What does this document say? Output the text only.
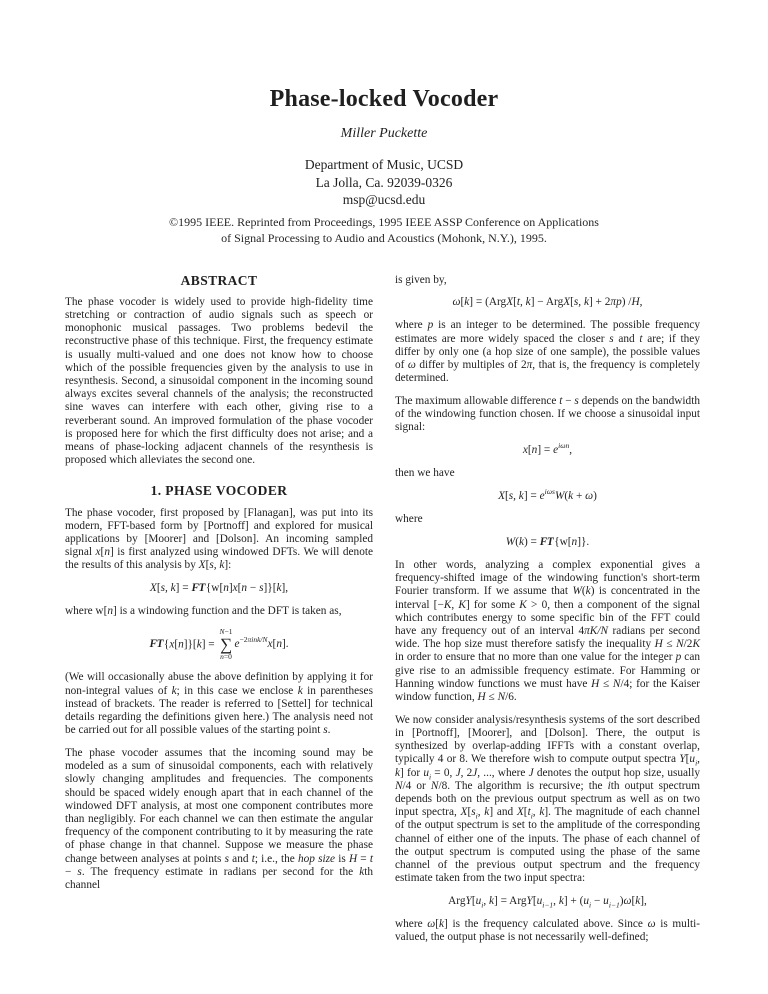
Phase-locked Vocoder
Miller Puckette
Department of Music, UCSD
La Jolla, Ca. 92039-0326
msp@ucsd.edu
©1995 IEEE. Reprinted from Proceedings, 1995 IEEE ASSP Conference on Applications
of Signal Processing to Audio and Acoustics (Mohonk, N.Y.), 1995.
ABSTRACT

The phase vocoder is widely used to provide high-fidelity time stretching or contraction of audio signals such as speech or monophonic musical passages. Two problems bedevil the reconstructive phase of this technique. First, the frequency estimate is usually multi-valued and one does not know how to choose which of the possible frequencies given by the analysis to use in resynthesis. Second, a sinusoidal component in the incoming sound always excites several channels of the analysis; the reconstructed sine waves can interfere with each other, giving rise to a reverberant sound. An improved formulation of the phase vocoder is proposed here for which the first difficulty does not arise; and a means of phase-locking adjacent channels of the resynthesis is proposed which alleviates the second one.

1. PHASE VOCODER

The phase vocoder, first proposed by [Flanagan], was put into its modern, FFT-based form by [Portnoff] and explored for musical applications by [Moorer] and [Dolson]. An incoming sampled signal x[n] is first analyzed using windowed DFTs. We will denote the results of this analysis by X[s, k]:

X[s, k] = FT{w[n]x[n − s]}[k],

where w[n] is a windowing function and the DFT is taken as,

FT{x[n]}[k] =
N−1
∑
n=0
$e^{-2\pi ink/N}x[n]$.

(We will occasionally abuse the above definition by applying it for non-integral values of k; in this case we enclose k in parentheses instead of brackets. The reader is referred to [Settel] for technical details regarding the definitions given here.) The analysis need not be carried out for all possible values of the starting point s.

The phase vocoder assumes that the incoming sound may be modeled as a sum of sinusoidal components, each with relatively slowly changing amplitudes and frequencies. The components should be spaced widely enough apart that in each channel of the windowed DFT analysis, at most one component contributes more than negligibly. For each channel we can then estimate the angular frequency of the component contributing to it by measuring the rate of phase change in that channel. Suppose we measure the phase change between analyses at points s and t; i.e., the hop size is H = t − s. The frequency estimate in radians per second for the kth channel

is given by,

ω[k] = (ArgX[t, k] − ArgX[s, k] + 2πp) /H,

where p is an integer to be determined. The possible frequency estimates are more widely spaced the closer s and t are; if they differ by only one (a hop size of one sample), the possible values of ω differ by multiples of 2π, that is, the frequency is completely determined.

The maximum allowable difference t − s depends on the bandwidth of the windowing function chosen. If we choose a sinusoidal input signal:

$x[n] = e^{i\omega n}$,

then we have

X[s, $k] = e^{i\omega s}W(k + \omega)$

where

W(k) = FT{w[n]}.

In other words, analyzing a complex exponential gives a frequency-shifted image of the windowing function's short-term Fourier transform. If we assume that W(k) is concentrated in the interval [−K, K] for some K > 0, then a component of the signal which contributes energy to some specific bin of the FFT could have any frequency out of an interval 4πK/N radians per second wide. The hop size must therefore satisfy the inequality H ≤ N/2K in order to ensure that no more than one value for the integer p can give rise to an admissible frequency estimate. For Hamming or Hanning window functions we must have H ≤ N/4; for the Kaiser window function, H ≤ N/6.

We now consider analysis/resynthesis systems of the sort described in [Portnoff], [Moorer], and [Dolson]. There, the output is synthesized by overlap-adding IFFTs with a constant overlap, typically 4 or 8. We therefore wish to compute output spectra $Y[u_i$, k] for $u_i = 0$, J, 2J, ..., where J denotes the output hop size, usually N/4 or N/8. The algorithm is recursive; the ith output spectrum depends both on the previous output spectrum as well as on two input spectra, $X[s_i$, k] and $X[t_i$, k]. The magnitude of each channel of the output spectrum is set to the amplitude of the corresponding channel of either one of the inputs. The phase of each channel of the output spectrum is computed using the phase of the same channel of the previous output spectrum and the frequency estimate taken from the two input spectra:

$ArgY[u_i$, $k] = ArgY[u_{i-1}$, $k] + (u_i - u_{i-1})\omega[k]$,

where ω[k] is the frequency calculated above. Since ω is multi-valued, the output phase is not necessarily well-defined;
